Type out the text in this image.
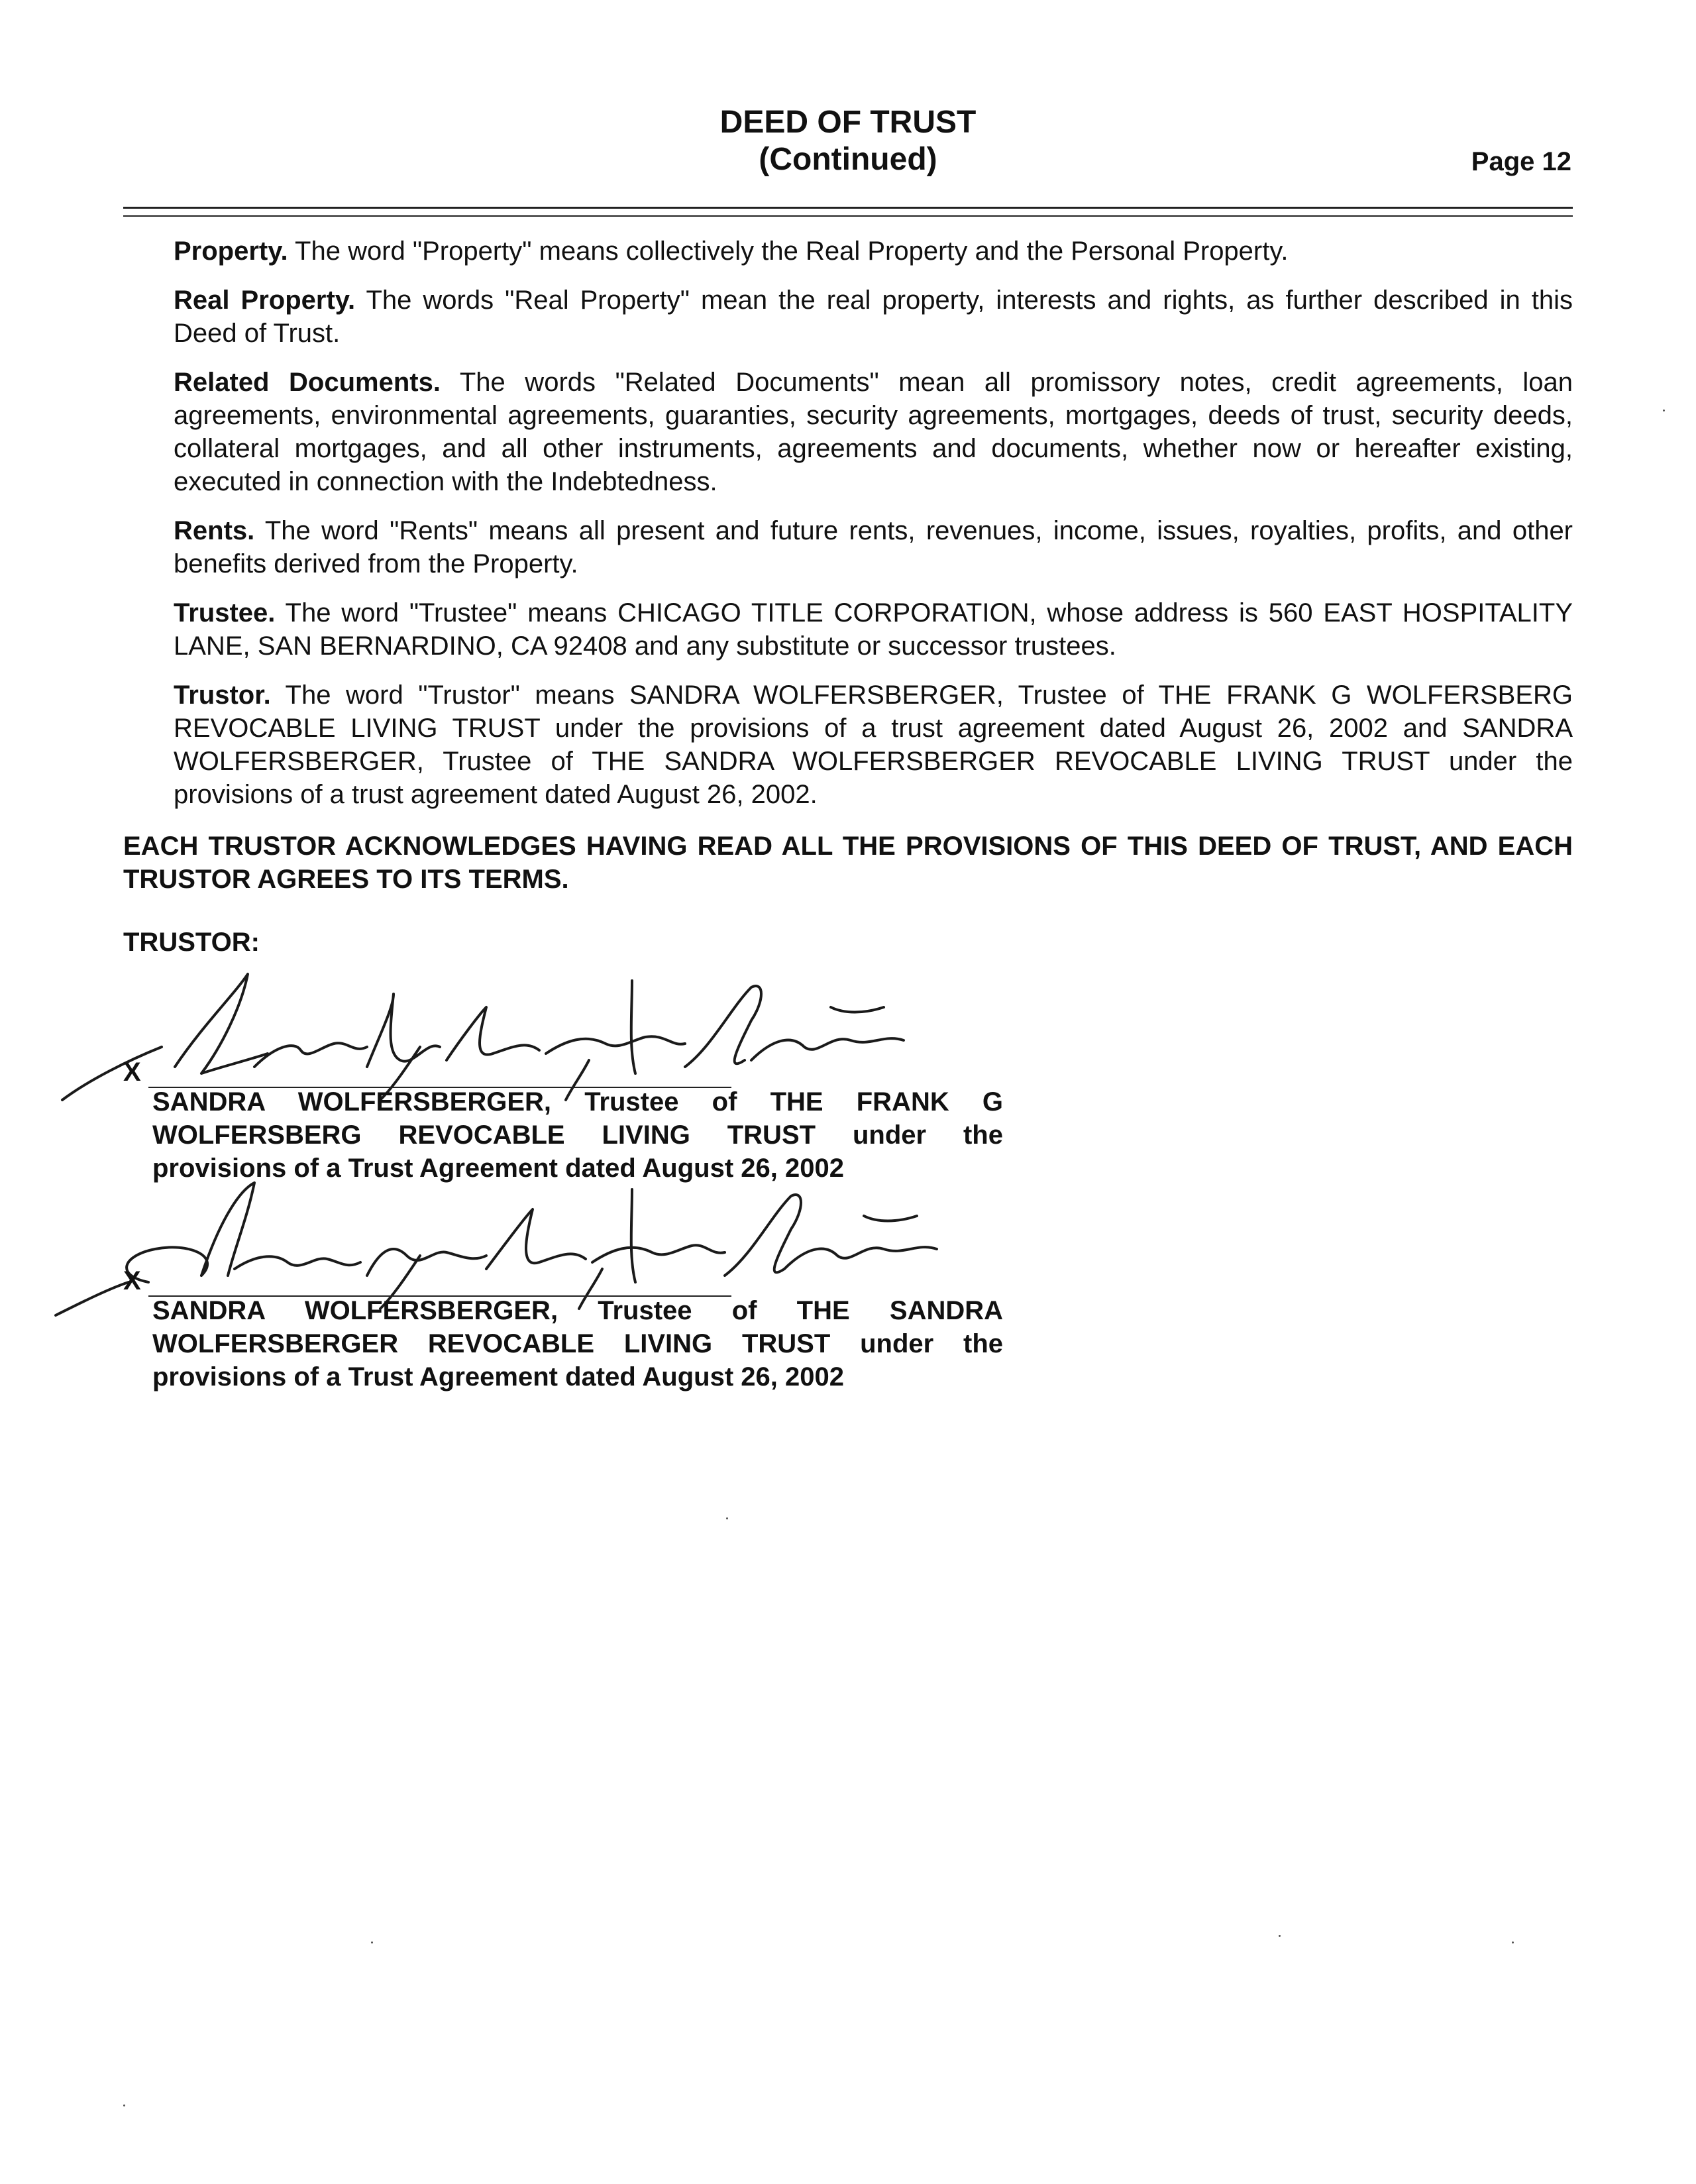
DEED OF TRUST
(Continued)	Page 12

Property. The word "Property" means collectively the Real Property and the Personal Property.

Real Property. The words "Real Property" mean the real property, interests and rights, as further described in this Deed of Trust.

Related Documents. The words "Related Documents" mean all promissory notes, credit agreements, loan agreements, environmental agreements, guaranties, security agreements, mortgages, deeds of trust, security deeds, collateral mortgages, and all other instruments, agreements and documents, whether now or hereafter existing, executed in connection with the Indebtedness.

Rents. The word "Rents" means all present and future rents, revenues, income, issues, royalties, profits, and other benefits derived from the Property.

Trustee. The word "Trustee" means CHICAGO TITLE CORPORATION, whose address is 560 EAST HOSPITALITY LANE, SAN BERNARDINO, CA 92408 and any substitute or successor trustees.

Trustor. The word "Trustor" means SANDRA WOLFERSBERGER, Trustee of THE FRANK G WOLFERSBERG REVOCABLE LIVING TRUST under the provisions of a trust agreement dated August 26, 2002 and SANDRA WOLFERSBERGER, Trustee of THE SANDRA WOLFERSBERGER REVOCABLE LIVING TRUST under the provisions of a trust agreement dated August 26, 2002.

EACH TRUSTOR ACKNOWLEDGES HAVING READ ALL THE PROVISIONS OF THIS DEED OF TRUST, AND EACH TRUSTOR AGREES TO ITS TERMS.
TRUSTOR:
X
SANDRA WOLFERSBERGER, Trustee of THE FRANK G
WOLFERSBERG REVOCABLE LIVING TRUST under the
provisions of a Trust Agreement dated August 26, 2002
X
SANDRA WOLFERSBERGER, Trustee of THE SANDRA
WOLFERSBERGER REVOCABLE LIVING TRUST under the
provisions of a Trust Agreement dated August 26, 2002
